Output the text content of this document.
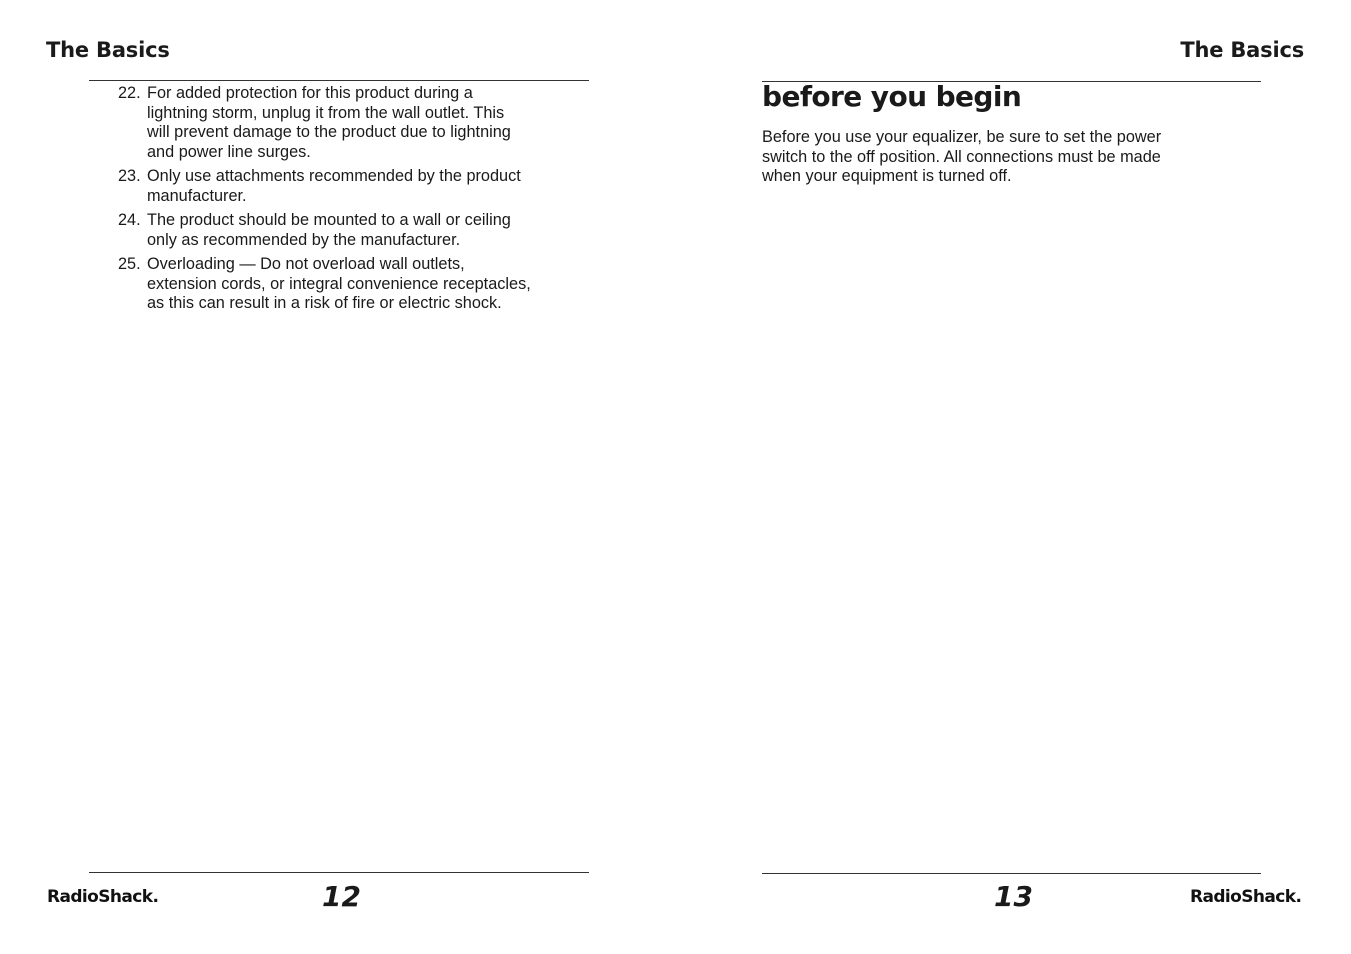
The Basics
22. For added protection for this product during a
lightning storm, unplug it from the wall outlet. This
will prevent damage to the product due to lightning
and power line surges.
23. Only use attachments recommended by the product
manufacturer.
24. The product should be mounted to a wall or ceiling
only as recommended by the manufacturer.
25. Overloading — Do not overload wall outlets,
extension cords, or integral convenience receptacles,
as this can result in a risk of fire or electric shock.
RadioShack.	12
The Basics
before you begin

Before you use your equalizer, be sure to set the power
switch to the off position. All connections must be made
when your equipment is turned off.

13	RadioShack.
